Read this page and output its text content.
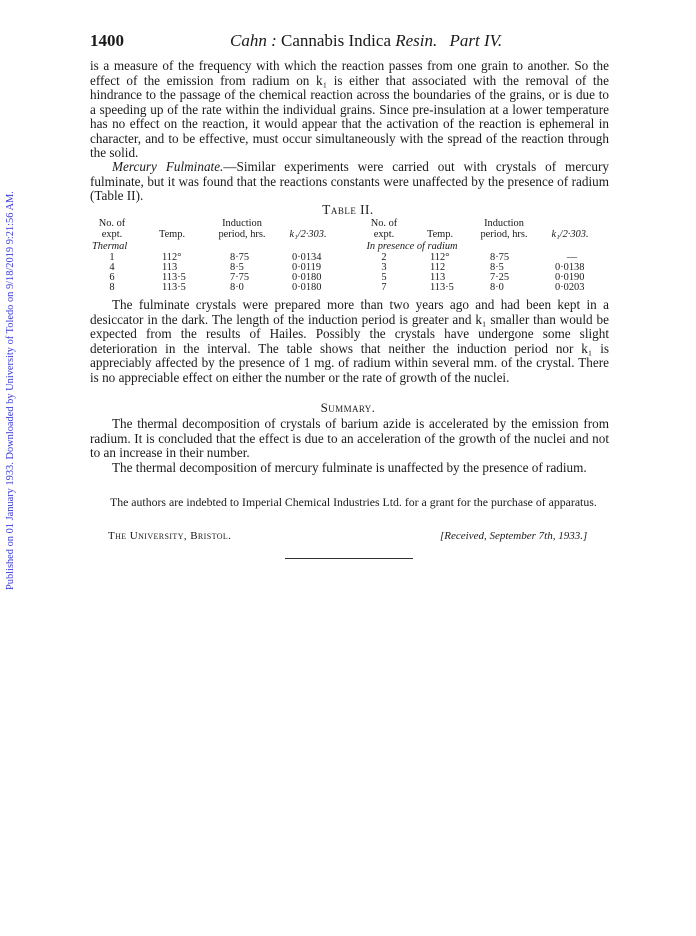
Published on 01 January 1933. Downloaded by University of Toledo on 9/18/2019 9:21:56 AM.
1400	Cahn : Cannabis Indica Resin. Part IV.

is a measure of the frequency with which the reaction passes from one grain to another. So the effect of the emission from radium on k₁ is either that associated with the removal of the hindrance to the passage of the chemical reaction across the boundaries of the grains, or is due to a speeding up of the rate within the individual grains. Since pre-insulation at a lower temperature has no effect on the reaction, it would appear that the activation of the reaction is ephemeral in character, and to be effective, must occur simultaneously with the spread of the reaction through the solid.

Mercury Fulminate.—Similar experiments were carried out with crystals of mercury fulminate, but it was found that the reactions constants were unaffected by the presence of radium (Table II).

Table II.
No. of
expt.	Temp.
Induction
period, hrs. k₁/2·303.
No. of
expt.	Temp.
Induction
period, hrs. k₁/2·303.
Thermal	In presence of radium
1	112°	8·75	0·0134	2	112°	8·75	—
4	113	8·5	0·0119	3	112	8·5	0·0138
6	113·5	7·75	0·0180	5	113	7·25	0·0190
8	113·5	8·0	0·0180	7	113·5	8·0	0·0203

The fulminate crystals were prepared more than two years ago and had been kept in a desiccator in the dark. The length of the induction period is greater and k₁ smaller than would be expected from the results of Hailes. Possibly the crystals have undergone some slight deterioration in the interval. The table shows that neither the induction period nor k₁ is appreciably affected by the presence of 1 mg. of radium within several mm. of the crystal. There is no appreciable effect on either the number or the rate of growth of the nuclei.

Summary.

The thermal decomposition of crystals of barium azide is accelerated by the emission from radium. It is concluded that the effect is due to an acceleration of the growth of the nuclei and not to an increase in their number.

The thermal decomposition of mercury fulminate is unaffected by the presence of radium.

The authors are indebted to Imperial Chemical Industries Ltd. for a grant for the purchase of apparatus.

The University, Bristol.	[Received, September 7th, 1933.]
